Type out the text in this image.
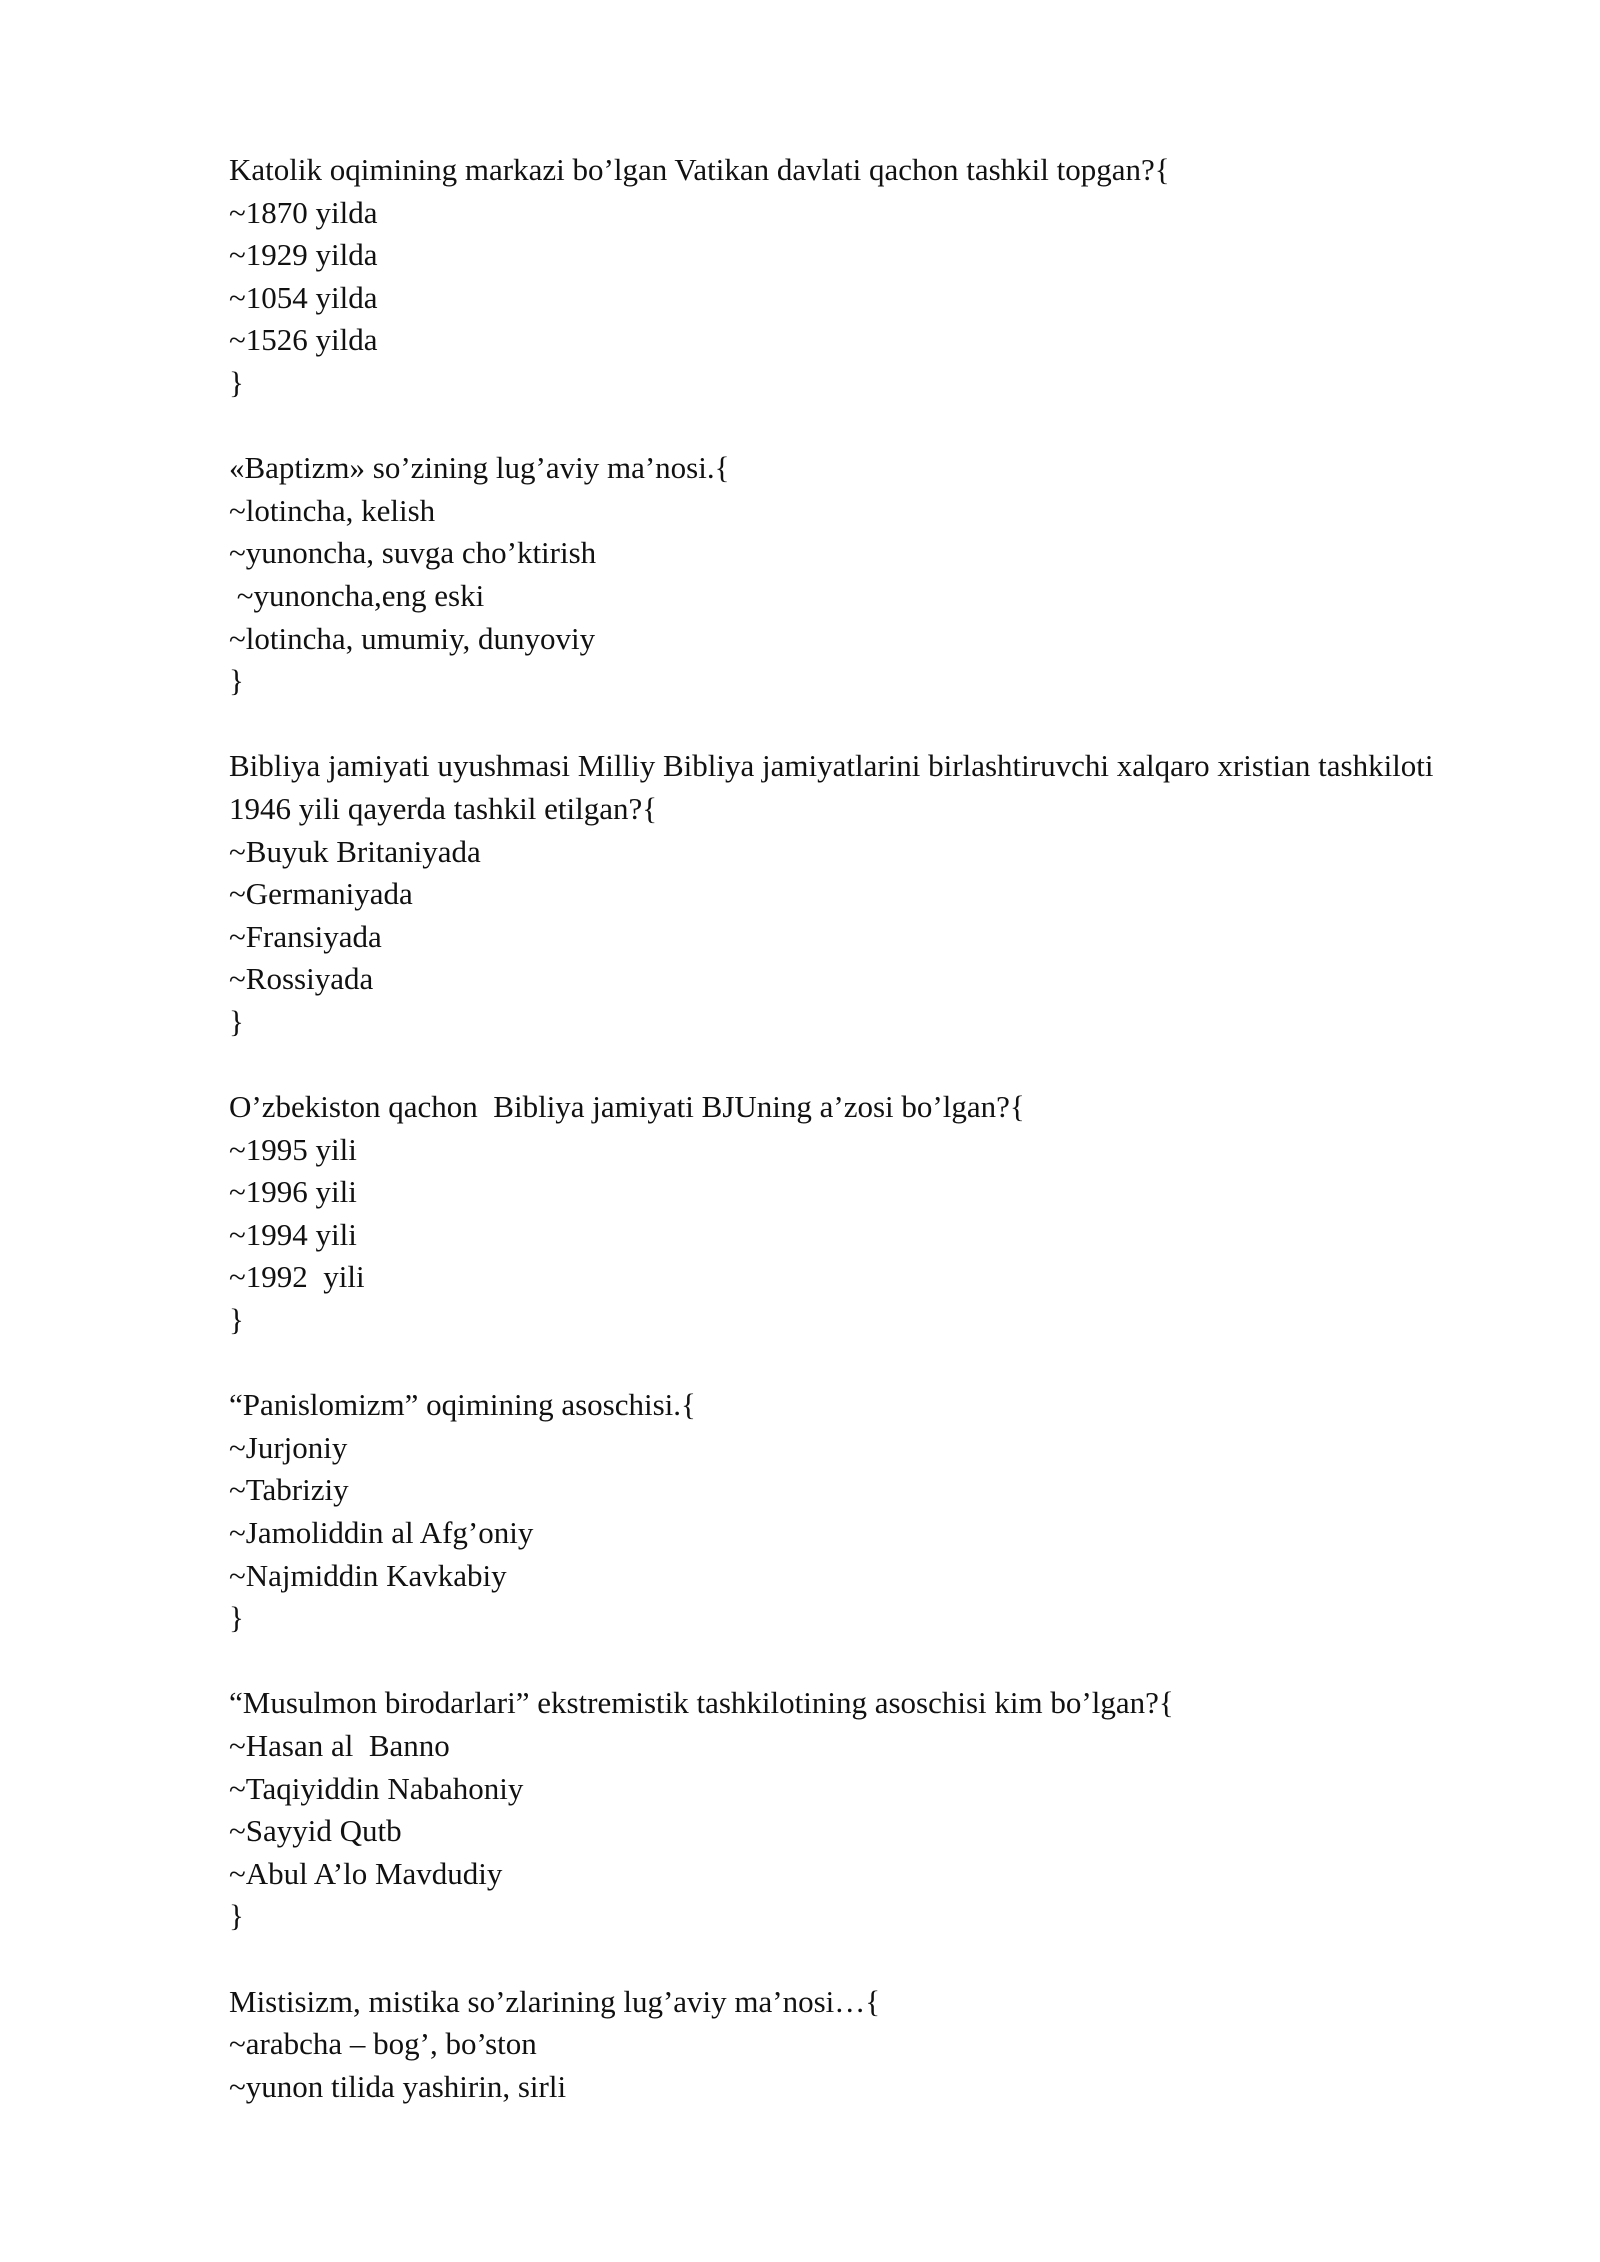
Katolik oqimining markazi bo’lgan Vatikan davlati qachon tashkil topgan?{
~1870 yilda
~1929 yilda
~1054 yilda
~1526 yilda
}
«Baptizm» so’zining lug’aviy ma’nosi.{
~lotincha, kelish
~yunoncha, suvga cho’ktirish
~yunoncha,eng eski
~lotincha, umumiy, dunyoviy
}
Bibliya jamiyati uyushmasi Milliy Bibliya jamiyatlarini birlashtiruvchi xalqaro xristian tashkiloti
1946 yili qayerda tashkil etilgan?{
~Buyuk Britaniyada
~Germaniyada
~Fransiyada
~Rossiyada
}
O’zbekiston qachon  Bibliya jamiyati BJUning a’zosi bo’lgan?{
~1995 yili
~1996 yili
~1994 yili
~1992  yili
}
“Panislomizm” oqimining asoschisi.{
~Jurjoniy
~Tabriziy
~Jamoliddin al Afg’oniy
~Najmiddin Kavkabiy
}
“Musulmon birodarlari” ekstremistik tashkilotining asoschisi kim bo’lgan?{
~Hasan al  Banno
~Taqiyiddin Nabahoniy
~Sayyid Qutb
~Abul A’lo Mavdudiy
}
Mistisizm, mistika so’zlarining lug’aviy ma’nosi…{
~arabcha – bog’, bo’ston
~yunon tilida yashirin, sirli
